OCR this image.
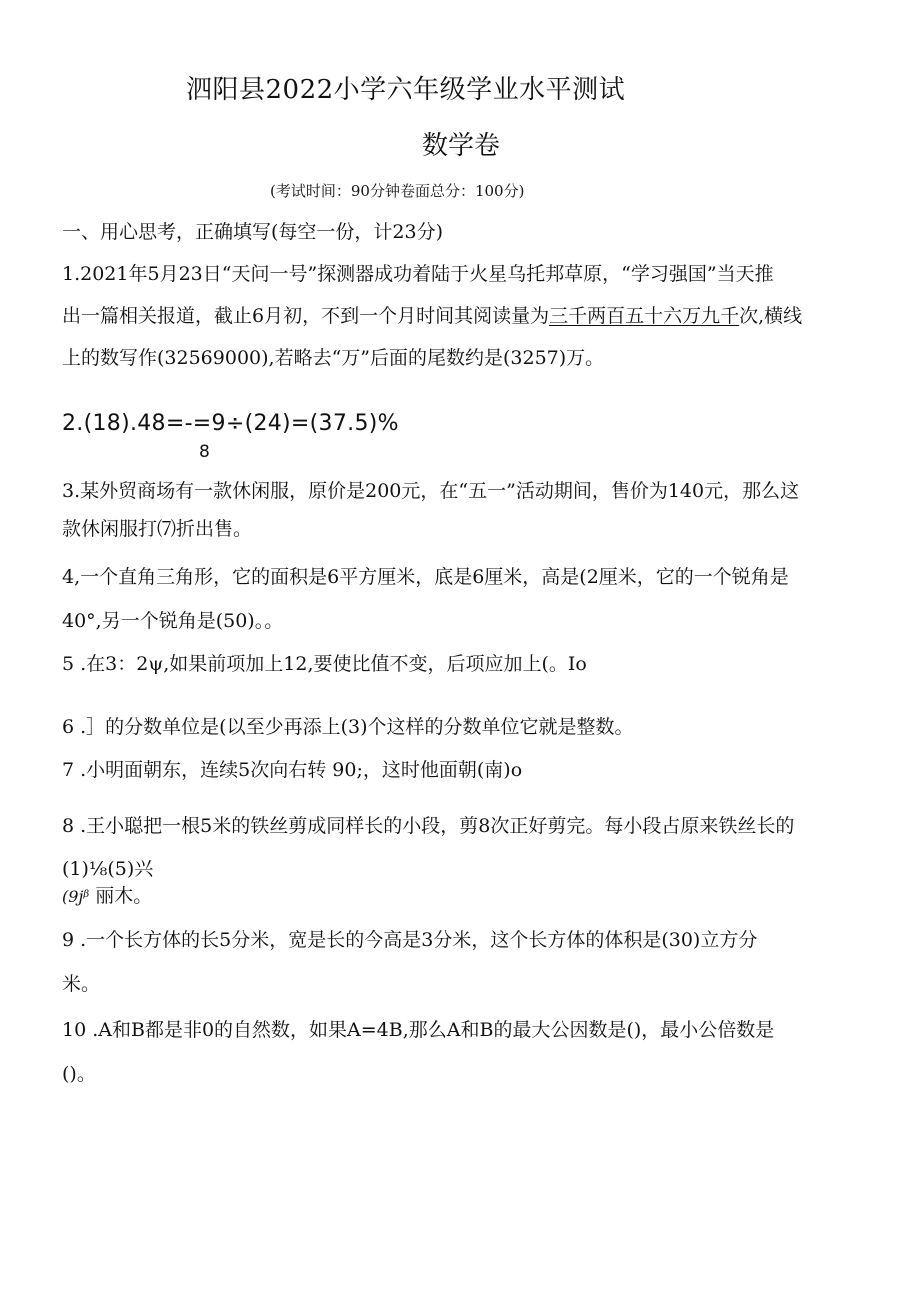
泗阳县2022小学六年级学业水平测试
数学卷
(考试时间：90分钟卷面总分：100分)
一、用心思考，正确填写(每空一份，计23分)
1.2021年5月23日“天问一号”探测器成功着陆于火星乌托邦草原，“学习强国”当天推
出一篇相关报道，截止6月初，不到一个月时间其阅读量为三千两百五十六万九千次,横线
上的数写作(32569000),若略去“万”后面的尾数约是(3257)万。
2.(18).48=-=9÷(24)=(37.5)%
8
3.某外贸商场有一款休闲服，原价是200元，在“五一”活动期间，售价为140元，那么这
款休闲服打⑺折出售。
4,一个直角三角形，它的面积是6平方厘米，底是6厘米，高是(2厘米，它的一个锐角是
40°,另一个锐角是(50)。。
5 .在3：2ψ,如果前项加上12,要使比值不变，后项应加上(。Io
6 .］的分数单位是(以至少再添上(3)个这样的分数单位它就是整数。
7 .小明面朝东，连续5次向右转 90;，这时他面朝(南)o
8 .王小聪把一根5米的铁丝剪成同样长的小段，剪8次正好剪完。每小段占原来铁丝长的
(1)⅛(5)兴
(9jᵝ 丽木。
9 .一个长方体的长5分米，宽是长的今高是3分米，这个长方体的体积是(30)立方分
米。
10 .A和B都是非0的自然数，如果A=4B,那么A和B的最大公因数是()，最小公倍数是
()。
